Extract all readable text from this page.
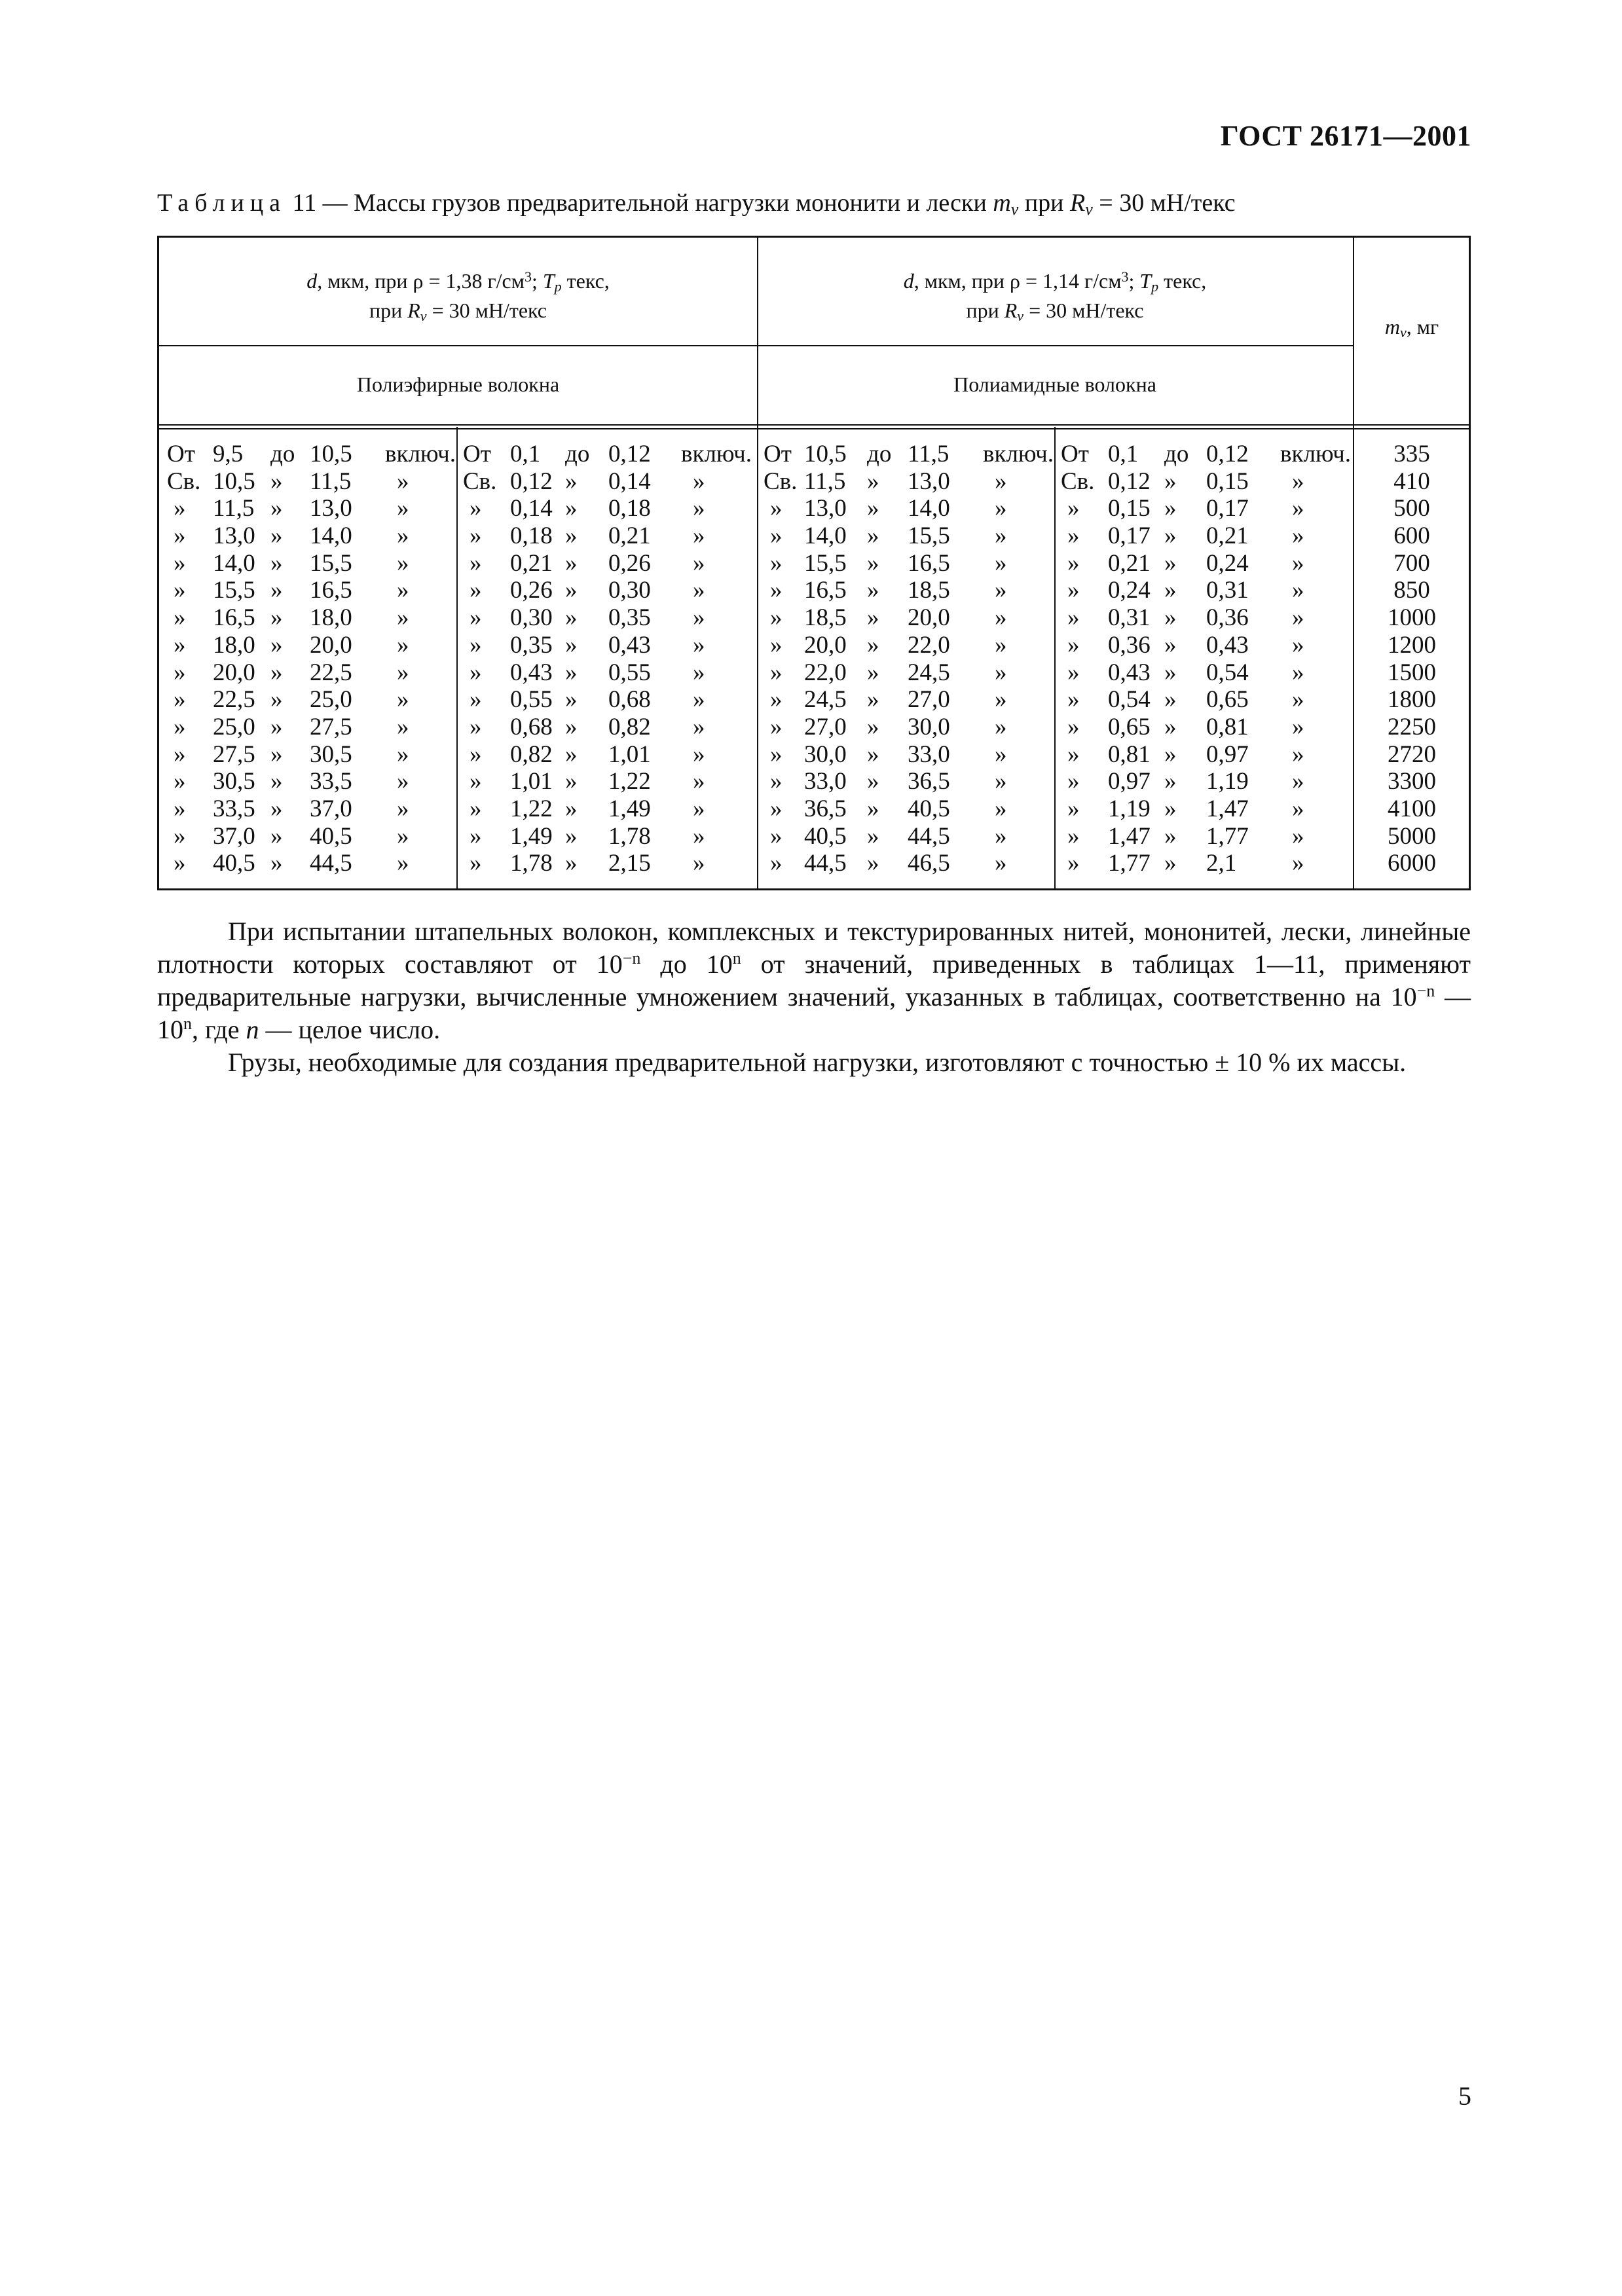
ГОСТ 26171—2001
Таблица 11 — Массы грузов предварительной нагрузки мононити и лески $m_v$ при $R_v = 30$ мН/текс
d, мкм, при ρ = 1,38 $г/см^3$; $T_p$ текс,
при $R_v = 30$ мН/текс
d, мкм, при ρ = 1,14 $г/см^3$; $T_p$ текс,
при $R_v = 30$ мН/текс
$m_v$, мг
Полиэфирные волокна	Полиамидные волокна
От 9,5 до 10,5 включ.
Св. 10,5 » 11,5 »
» 11,5 » 13,0 »
» 13,0 » 14,0 »
» 14,0 » 15,5 »
» 15,5 » 16,5 »
» 16,5 » 18,0 »
» 18,0 » 20,0 »
» 20,0 » 22,5 »
» 22,5 » 25,0 »
» 25,0 » 27,5 »
» 27,5 » 30,5 »
» 30,5 » 33,5 »
» 33,5 » 37,0 »
» 37,0 » 40,5 »
» 40,5 » 44,5 »
От 0,1 до 0,12 включ.
Св. 0,12 » 0,14 »
» 0,14 » 0,18 »
» 0,18 » 0,21 »
» 0,21 » 0,26 »
» 0,26 » 0,30 »
» 0,30 » 0,35 »
» 0,35 » 0,43 »
» 0,43 » 0,55 »
» 0,55 » 0,68 »
» 0,68 » 0,82 »
» 0,82 » 1,01 »
» 1,01 » 1,22 »
» 1,22 » 1,49 »
» 1,49 » 1,78 »
» 1,78 » 2,15 »
От 10,5 до 11,5 включ.
Св. 11,5 » 13,0 »
» 13,0 » 14,0 »
» 14,0 » 15,5 »
» 15,5 » 16,5 »
» 16,5 » 18,5 »
» 18,5 » 20,0 »
» 20,0 » 22,0 »
» 22,0 » 24,5 »
» 24,5 » 27,0 »
» 27,0 » 30,0 »
» 30,0 » 33,0 »
» 33,0 » 36,5 »
» 36,5 » 40,5 »
» 40,5 » 44,5 »
» 44,5 » 46,5 »
От 0,1 до 0,12 включ.
Св. 0,12 » 0,15 »
» 0,15 » 0,17 »
» 0,17 » 0,21 »
» 0,21 » 0,24 »
» 0,24 » 0,31 »
» 0,31 » 0,36 »
» 0,36 » 0,43 »
» 0,43 » 0,54 »
» 0,54 » 0,65 »
» 0,65 » 0,81 »
» 0,81 » 0,97 »
» 0,97 » 1,19 »
» 1,19 » 1,47 »
» 1,47 » 1,77 »
» 1,77 » 2,1 »
335
410
500
600
700
850
1000
1200
1500
1800
2250
2720
3300
4100
5000
6000
При испытании штапельных волокон, комплексных и текстурированных нитей, мононитей, лески, линейные плотности которых составляют от $10^{-n}$ до 10$^n$ от значений, приведенных в таблицах 1—11, применяют предварительные нагрузки, вычисленные умножением значений, указанных в таблицах, соответственно на $10^{-n}$ — 10$^n$, где n — целое число.
Грузы, необходимые для создания предварительной нагрузки, изготовляют с точностью ± 10 % их массы.
5
